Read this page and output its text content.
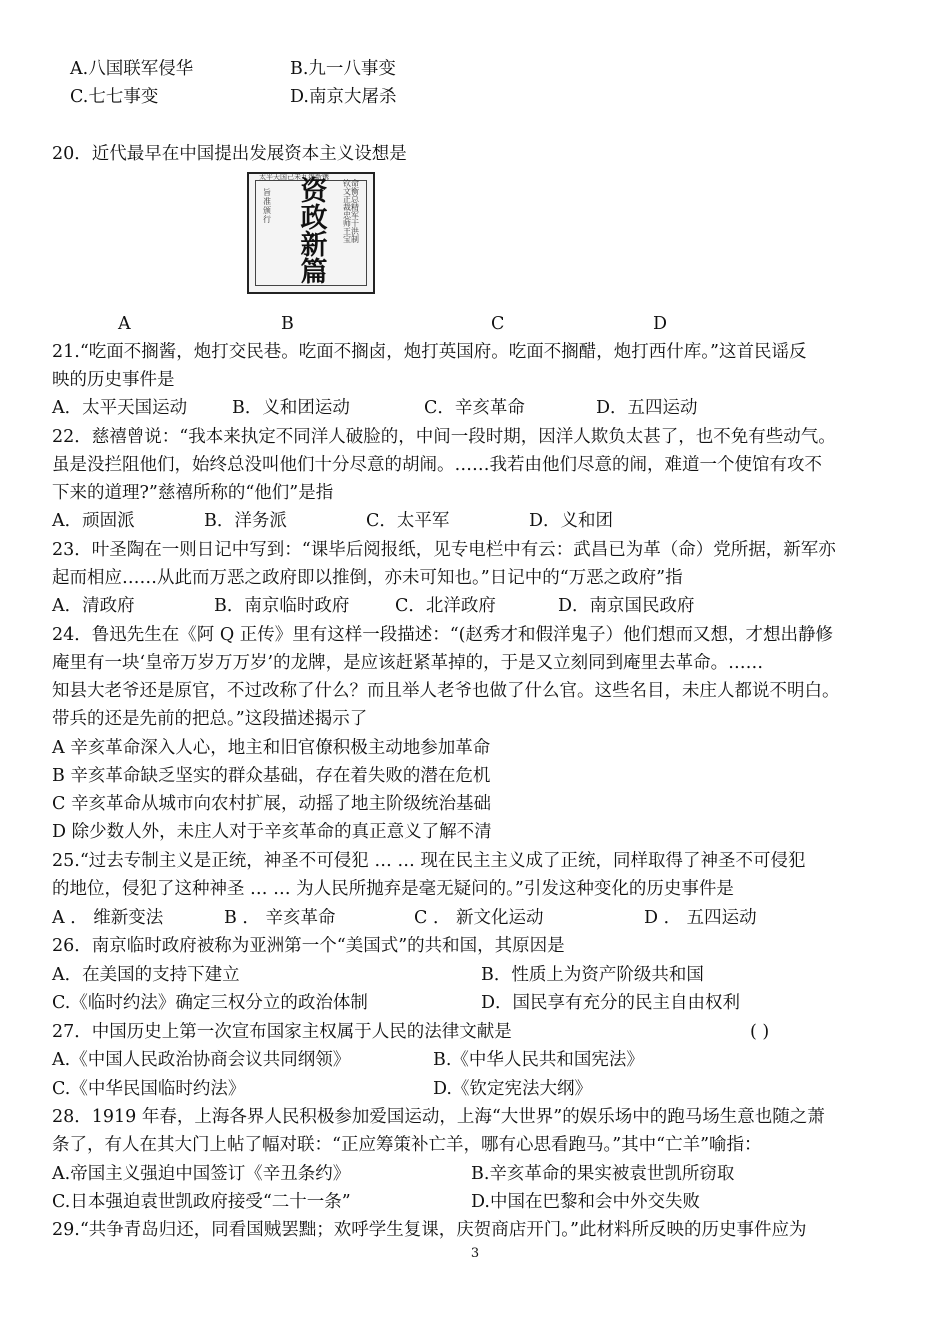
A.八国联军侵华	B.九一八事变
C.七七事变	D.南京大屠杀
20．近代最早在中国提出发展资本主义设想是
太平天国己未九年新镌
旨准颁行
资
政
新
篇
钦命文衡正总裁精忠军师干王洪宝制
A	B	C	D
21.“吃面不搁酱，炮打交民巷。吃面不搁卤，炮打英国府。吃面不搁醋，炮打西什库。”这首民谣反
映的历史事件是
A．太平天国运动	B．义和团运动	C．辛亥革命	D．五四运动
22．慈禧曾说：“我本来执定不同洋人破脸的，中间一段时期，因洋人欺负太甚了，也不免有些动气。
虽是没拦阻他们，始终总没叫他们十分尽意的胡闹。……我若由他们尽意的闹，难道一个使馆有攻不
下来的道理?”慈禧所称的“他们”是指
A．顽固派	B．洋务派	C．太平军	D．义和团
23．叶圣陶在一则日记中写到：“课毕后阅报纸，见专电栏中有云：武昌已为革（命）党所据，新军亦
起而相应……从此而万恶之政府即以推倒，亦未可知也。”日记中的“万恶之政府”指
A．清政府	B．南京临时政府	C．北洋政府	D．南京国民政府
24．鲁迅先生在《阿 Q 正传》里有这样一段描述：“(赵秀才和假洋鬼子）他们想而又想，才想出静修
庵里有一块‘皇帝万岁万万岁’的龙牌，是应该赶紧革掉的，于是又立刻同到庵里去革命。……
知县大老爷还是原官，不过改称了什么？而且举人老爷也做了什么官。这些名目，未庄人都说不明白。
带兵的还是先前的把总。”这段描述揭示了
A 辛亥革命深入人心，地主和旧官僚积极主动地参加革命
B 辛亥革命缺乏坚实的群众基础，存在着失败的潜在危机
C 辛亥革命从城市向农村扩展，动摇了地主阶级统治基础
D 除少数人外，未庄人对于辛亥革命的真正意义了解不清
25.“过去专制主义是正统，神圣不可侵犯 … … 现在民主主义成了正统，同样取得了神圣不可侵犯
的地位，侵犯了这种神圣 … … 为人民所抛弃是毫无疑问的。”引发这种变化的历史事件是
A ． 维新变法	B ． 辛亥革命	C ． 新文化运动	D ． 五四运动
26．南京临时政府被称为亚洲第一个“美国式”的共和国，其原因是
A．在美国的支持下建立	B．性质上为资产阶级共和国
C.《临时约法》确定三权分立的政治体制	D．国民享有充分的民主自由权利
27．中国历史上第一次宣布国家主权属于人民的法律文献是	( )
A.《中国人民政治协商会议共同纲领》	B.《中华人民共和国宪法》
C.《中华民国临时约法》	D.《钦定宪法大纲》
28．1919 年春，上海各界人民积极参加爱国运动，上海“大世界”的娱乐场中的跑马场生意也随之萧
条了，有人在其大门上帖了幅对联：“正应筹策补亡羊，哪有心思看跑马。”其中“亡羊”喻指：
A.帝国主义强迫中国签订《辛丑条约》	B.辛亥革命的果实被袁世凯所窃取
C.日本强迫袁世凯政府接受“二十一条”	D.中国在巴黎和会中外交失败
29.“共争青岛归还，同看国贼罢黜；欢呼学生复课，庆贺商店开门。”此材料所反映的历史事件应为
3
